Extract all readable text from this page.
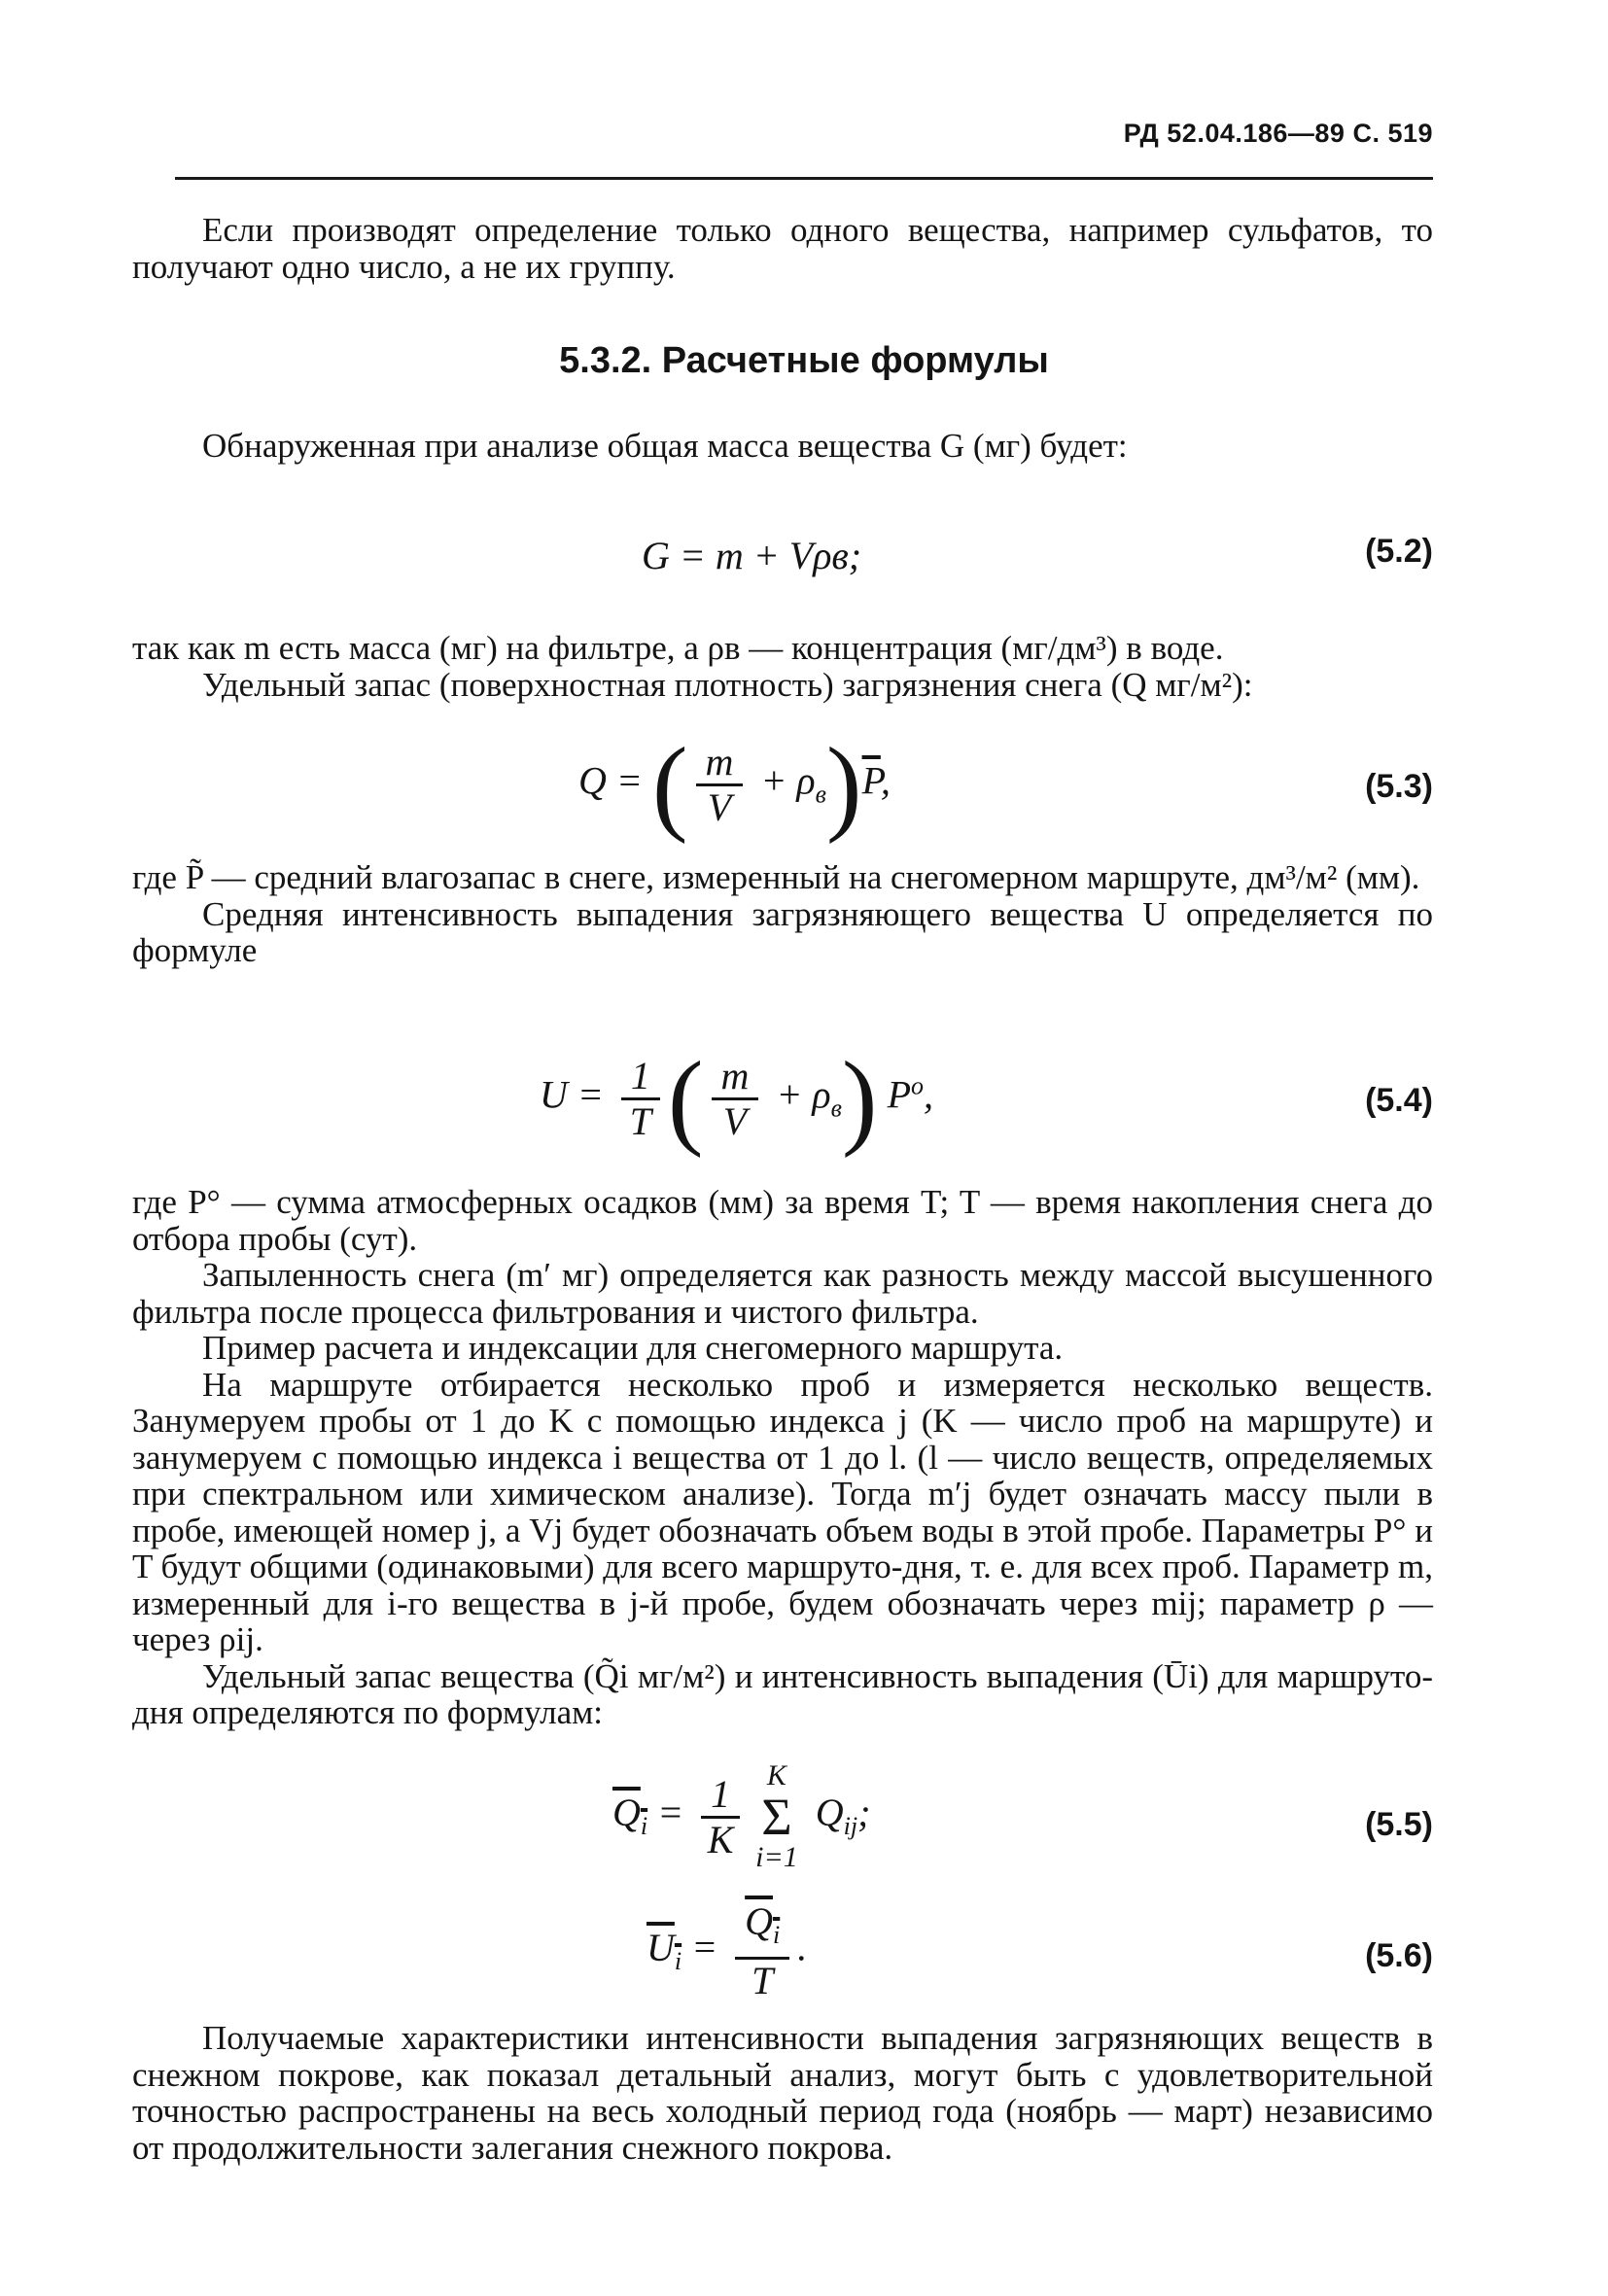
РД 52.04.186—89 С. 519

Если производят определение только одного вещества, например сульфатов, то получают одно число, а не их группу.

5.3.2. Расчетные формулы

Обнаруженная при анализе общая масса вещества G (мг) будет:

G = m + Vρв;	(5.2)

так как m есть масса (мг) на фильтре, а ρв — концентрация (мг/дм³) в воде.

Удельный запас (поверхностная плотность) загрязнения снега (Q мг/м²):

Q = ( $\frac{m}{V} + \rho_в)\overline{P}$,	(5.3)

где P̃ — средний влагозапас в снеге, измеренный на снегомерном маршруте, дм³/м² (мм).

Средняя интенсивность выпадения загрязняющего вещества U определяется по формуле

$U = \frac{1}{T}$ ( $\frac{m}{V} + \rho_в$) $P^o$,	(5.4)

где P° — сумма атмосферных осадков (мм) за время T; T — время накопления снега до отбора пробы (сут).

Запыленность снега (m′ мг) определяется как разность между массой высушенного фильтра после процесса фильтрования и чистого фильтра.

Пример расчета и индексации для снегомерного маршрута.

На маршруте отбирается несколько проб и измеряется несколько веществ. Занумеруем пробы от 1 до K с помощью индекса j (K — число проб на маршруте) и занумеруем с помощью индекса i вещества от 1 до l. (l — число веществ, определяемых при спектральном или химическом анализе). Тогда m′j будет означать массу пыли в пробе, имеющей номер j, а Vj будет обозначать объем воды в этой пробе. Параметры P° и T будут общими (одинаковыми) для всего маршруто-дня, т. е. для всех проб. Параметр m, измеренный для i-го вещества в j-й пробе, будем обозначать через mij; параметр ρ — через ρij.

Удельный запас вещества (Q̃i мг/м²) и интенсивность выпадения (Ūi) для маршруто-дня определяются по формулам:

$Q_i = \frac{1}{K}$ K
Σ
i=1
$Q_{ij}$;	(5.5)
$U_i = \frac{Q_i}{T}$ .	(5.6)

Получаемые характеристики интенсивности выпадения загрязняющих веществ в снежном покрове, как показал детальный анализ, могут быть с удовлетворительной точностью распространены на весь холодный период года (ноябрь — март) независимо от продолжительности залегания снежного покрова.
